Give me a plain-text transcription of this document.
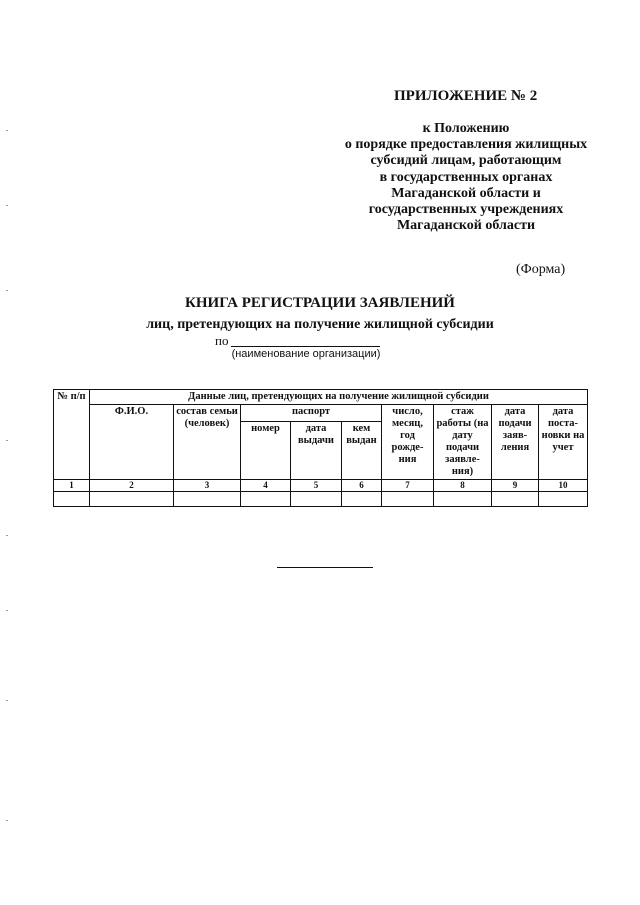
ПРИЛОЖЕНИЕ № 2
к Положению
о порядке предоставления жилищных
субсидий лицам, работающим
в государственных органах
Магаданской области и
государственных учреждениях
Магаданской области
(Форма)
КНИГА РЕГИСТРАЦИИ ЗАЯВЛЕНИЙ
лиц, претендующих на получение жилищной субсидии
по
(наименование организации)
№ п/п	Данные лиц, претендующих на получение жилищной субсидии								
	Ф.И.О.	состав семьи (человек)	паспорт			число, месяц, год рожде-ния	стаж работы (на дату подачи заявле-ния)	дата подачи заяв-ления	дата поста-новки на учет
			номер	дата выдачи	кем выдан				
1	2	3	4	5	6	7	8	9	10
